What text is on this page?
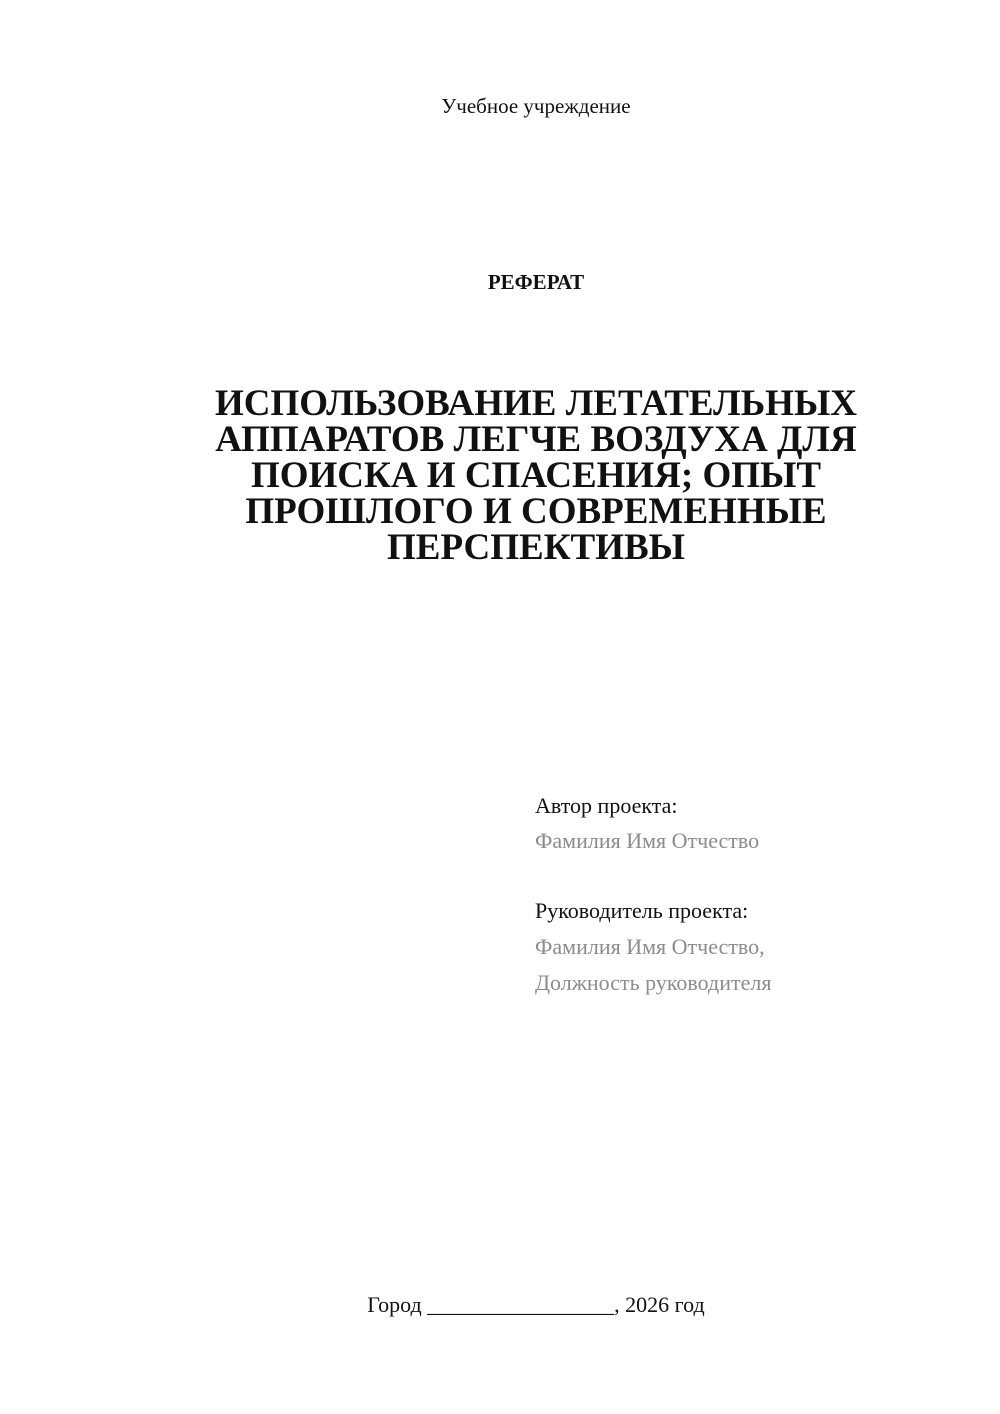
Учебное учреждение
РЕФЕРАТ
ИСПОЛЬЗОВАНИЕ ЛЕТАТЕЛЬНЫХ
АППАРАТОВ ЛЕГЧЕ ВОЗДУХА ДЛЯ
ПОИСКА И СПАСЕНИЯ; ОПЫТ
ПРОШЛОГО И СОВРЕМЕННЫЕ
ПЕРСПЕКТИВЫ
Автор проекта:
Фамилия Имя Отчество
Руководитель проекта:
Фамилия Имя Отчество,
Должность руководителя
Город _________________, 2026 год
